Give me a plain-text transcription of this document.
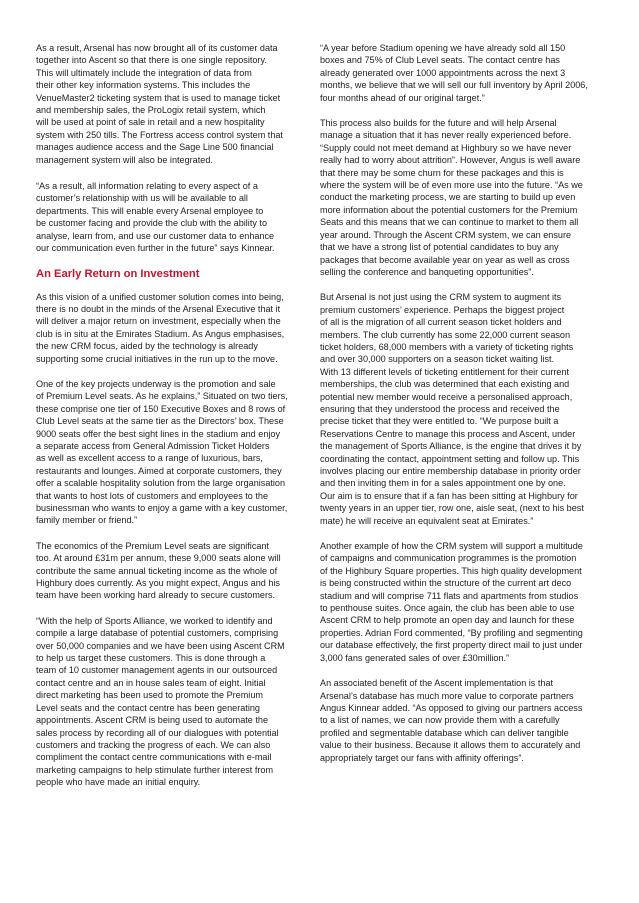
As a result, Arsenal has now brought all of its customer data
together into Ascent so that there is one single repository.
This will ultimately include the integration of data from
their other key information systems. This includes the
VenueMaster2 ticketing system that is used to manage ticket
and membership sales, the ProLogix retail system, which
will be used at point of sale in retail and a new hospitality
system with 250 tills. The Fortress access control system that
manages audience access and the Sage Line 500 financial
management system will also be integrated.

“As a result, all information relating to every aspect of a
customer’s relationship with us will be available to all
departments. This will enable every Arsenal employee to
be customer facing and provide the club with the ability to
analyse, learn from, and use our customer data to enhance
our communication even further in the future” says Kinnear.

An Early Return on Investment

As this vision of a unified customer solution comes into being,
there is no doubt in the minds of the Arsenal Executive that it
will deliver a major return on investment, especially when the
club is in situ at the Emirates Stadium. As Angus emphasises,
the new CRM focus, aided by the technology is already
supporting some crucial initiatives in the run up to the move.

One of the key projects underway is the promotion and sale
of Premium Level seats. As he explains,” Situated on two tiers,
these comprise one tier of 150 Executive Boxes and 8 rows of
Club Level seats at the same tier as the Directors’ box. These
9000 seats offer the best sight lines in the stadium and enjoy
a separate access from General Admission Ticket Holders
as well as excellent access to a range of luxurious, bars,
restaurants and lounges. Aimed at corporate customers, they
offer a scalable hospitality solution from the large organisation
that wants to host lots of customers and employees to the
businessman who wants to enjoy a game with a key customer,
family member or friend.”

The economics of the Premium Level seats are significant
too. At around £31m per annum, these 9,000 seats alone will
contribute the same annual ticketing income as the whole of
Highbury does currently. As you might expect, Angus and his
team have been working hard already to secure customers.

“With the help of Sports Alliance, we worked to identify and
compile a large database of potential customers, comprising
over 50,000 companies and we have been using Ascent CRM
to help us target these customers. This is done through a
team of 10 customer management agents in our outsourced
contact centre and an in house sales team of eight. Initial
direct marketing has been used to promote the Premium
Level seats and the contact centre has been generating
appointments. Ascent CRM is being used to automate the
sales process by recording all of our dialogues with potential
customers and tracking the progress of each. We can also
compliment the contact centre communications with e-mail
marketing campaigns to help stimulate further interest from
people who have made an initial enquiry.

“A year before Stadium opening we have already sold all 150
boxes and 75% of Club Level seats. The contact centre has
already generated over 1000 appointments across the next 3
months, we believe that we will sell our full inventory by April 2006,
four months ahead of our original target.”

This process also builds for the future and will help Arsenal
manage a situation that it has never really experienced before.
“Supply could not meet demand at Highbury so we have never
really had to worry about attrition”. However, Angus is well aware
that there may be some churn for these packages and this is
where the system will be of even more use into the future. “As we
conduct the marketing process, we are starting to build up even
more information about the potential customers for the Premium
Seats and this means that we can continue to market to them all
year around. Through the Ascent CRM system, we can ensure
that we have a strong list of potential candidates to buy any
packages that become available year on year as well as cross
selling the conference and banqueting opportunities”.

But Arsenal is not just using the CRM system to augment its
premium customers’ experience. Perhaps the biggest project
of all is the migration of all current season ticket holders and
members. The club currently has some 22,000 current season
ticket holders, 68,000 members with a variety of ticketing rights
and over 30,000 supporters on a season ticket waiting list.
With 13 different levels of ticketing entitlement for their current
memberships, the club was determined that each existing and
potential new member would receive a personalised approach,
ensuring that they understood the process and received the
precise ticket that they were entitled to. “We purpose built a
Reservations Centre to manage this process and Ascent, under
the management of Sports Alliance, is the engine that drives it by
coordinating the contact, appointment setting and follow up. This
involves placing our entire membership database in priority order
and then inviting them in for a sales appointment one by one.
Our aim is to ensure that if a fan has been sitting at Highbury for
twenty years in an upper tier, row one, aisle seat, (next to his best
mate) he will receive an equivalent seat at Emirates.”

Another example of how the CRM system will support a multitude
of campaigns and communication programmes is the promotion
of the Highbury Square properties. This high quality development
is being constructed within the structure of the current art deco
stadium and will comprise 711 flats and apartments from studios
to penthouse suites. Once again, the club has been able to use
Ascent CRM to help promote an open day and launch for these
properties. Adrian Ford commented, “By profiling and segmenting
our database effectively, the first property direct mail to just under
3,000 fans generated sales of over £30million.”

An associated benefit of the Ascent implementation is that
Arsenal’s database has much more value to corporate partners
Angus Kinnear added. “As opposed to giving our partners access
to a list of names, we can now provide them with a carefully
profiled and segmentable database which can deliver tangible
value to their business. Because it allows them to accurately and
appropriately target our fans with affinity offerings”.
